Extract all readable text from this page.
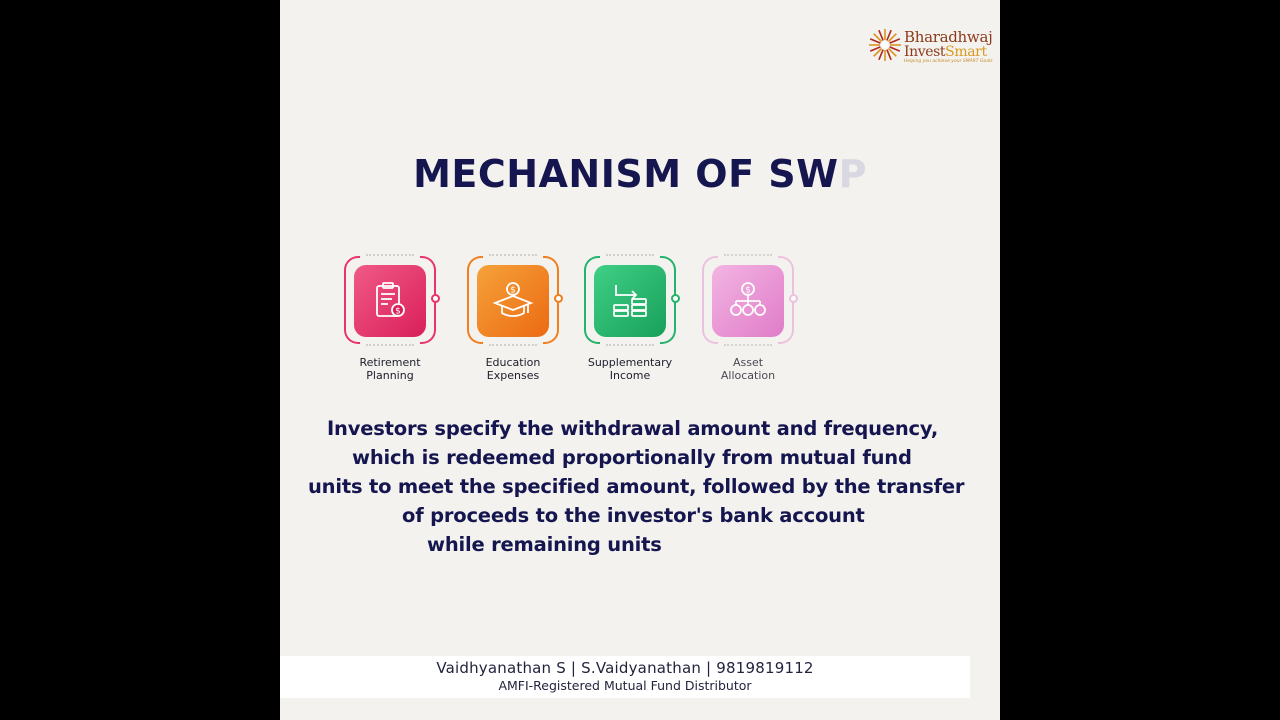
Bharadhwaj
InvestSmart
Helping you achieve your SMART Goals
MECHANISM OF SWP
$
Retirement
Planning
$
Education
Expenses
Supplementary
Income
$
Asset
Allocation
Investors specify the withdrawal amount and frequency,
which is redeemed proportionally from mutual fund
units to meet the specified amount, followed by the transfer
of proceeds to the investor's bank account
while remaining units
Vaidhyanathan S | S.Vaidyanathan | 9819819112
AMFI-Registered Mutual Fund Distributor
